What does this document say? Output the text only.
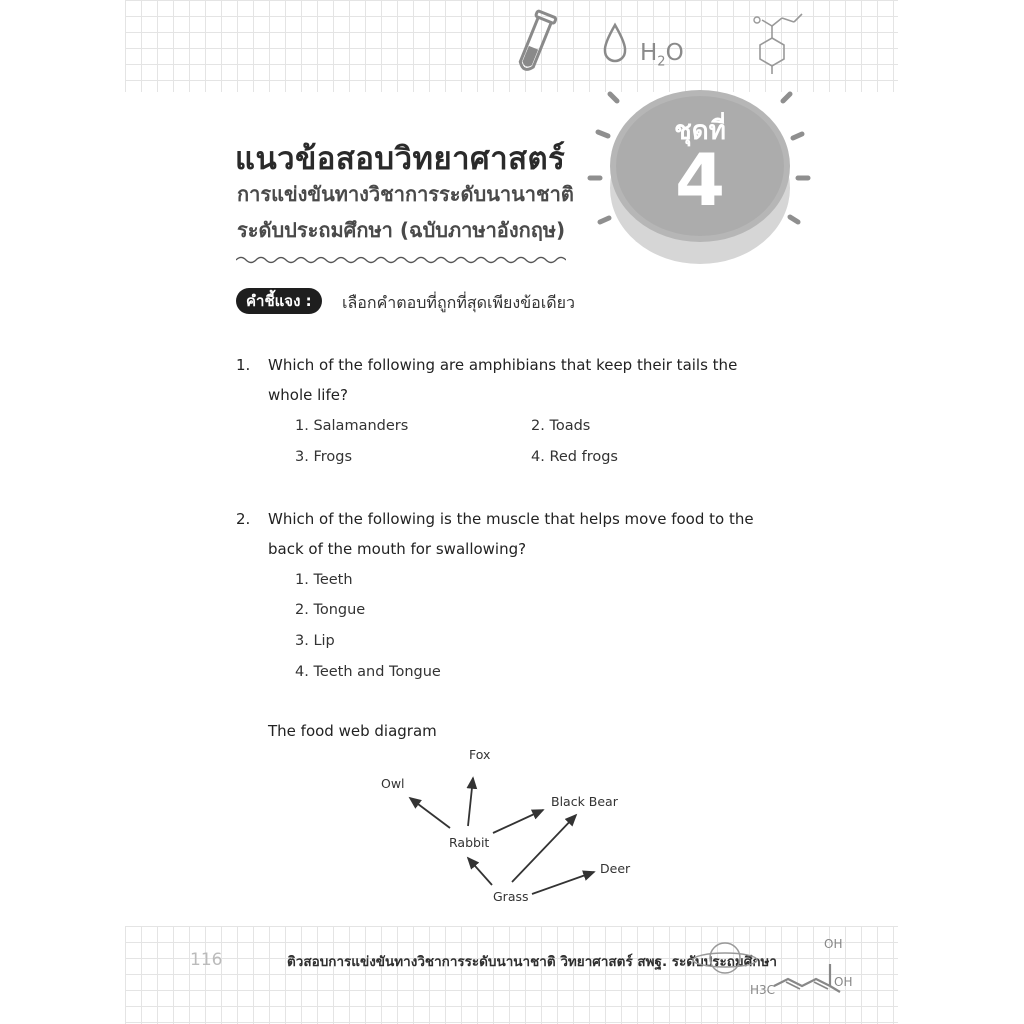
$H_2O$
ชุดที่
4
แนวข้อสอบวิทยาศาสตร์
การแข่งขันทางวิชาการระดับนานาชาติ
ระดับประถมศึกษา (ฉบับภาษาอังกฤษ)
คำชี้แจง :	เลือกคำตอบที่ถูกที่สุดเพียงข้อเดียว
1. Which of the following are amphibians that keep their tails the
whole life?
1. Salamanders	2. Toads
3. Frogs	4. Red frogs
2. Which of the following is the muscle that helps move food to the
back of the mouth for swallowing?
1. Teeth
2. Tongue
3. Lip
4. Teeth and Tongue
The food web diagram
Fox
Owl
Black Bear
Rabbit
Deer
Grass
116	ติวสอบการแข่งขันทางวิชาการระดับนานาชาติ วิทยาศาสตร์ สพฐ. ระดับประถมศึกษา
H3C
OH
OH
